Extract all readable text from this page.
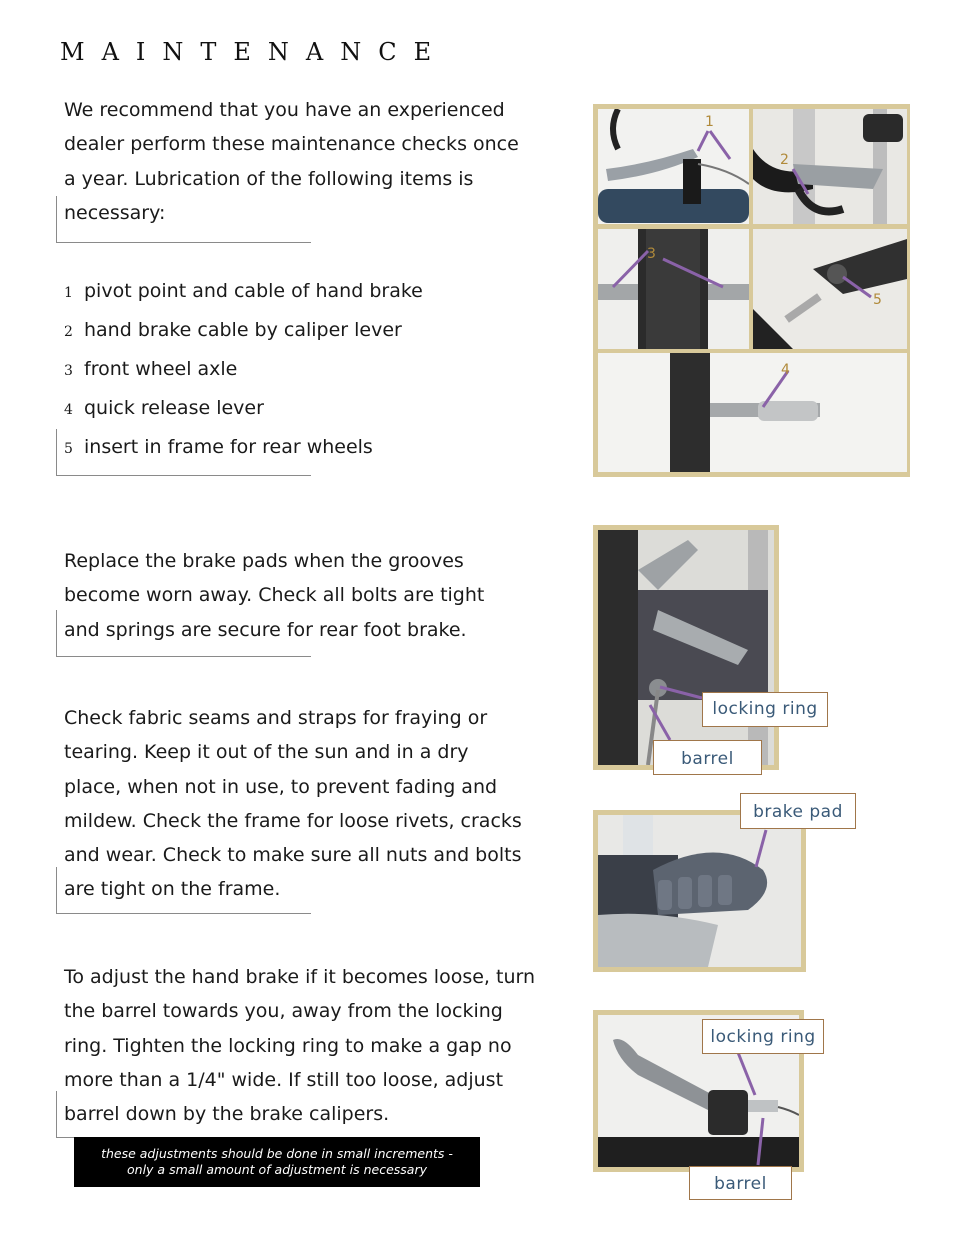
MAINTENANCE

We recommend that you have an experienced
dealer perform these maintenance checks once
a year. Lubrication of the following items is
necessary:

1 pivot point and cable of hand brake
2 hand brake cable by caliper lever
3 front wheel axle
4 quick release lever
5 insert in frame for rear wheels

Replace the brake pads when the grooves
become worn away. Check all bolts are tight
and springs are secure for rear foot brake.

Check fabric seams and straps for fraying or
tearing. Keep it out of the sun and in a dry
place, when not in use, to prevent fading and
mildew. Check the frame for loose rivets, cracks
and wear. Check to make sure all nuts and bolts
are tight on the frame.

To adjust the hand brake if it becomes loose, turn
the barrel towards you, away from the locking
ring. Tighten the locking ring to make a gap no
more than a 1/4" wide. If still too loose, adjust
barrel down by the brake calipers.

these adjustments should be done in small increments -
only a small amount of adjustment is necessary
1
2
3
5
4
locking ring
barrel
brake pad
locking ring
barrel
